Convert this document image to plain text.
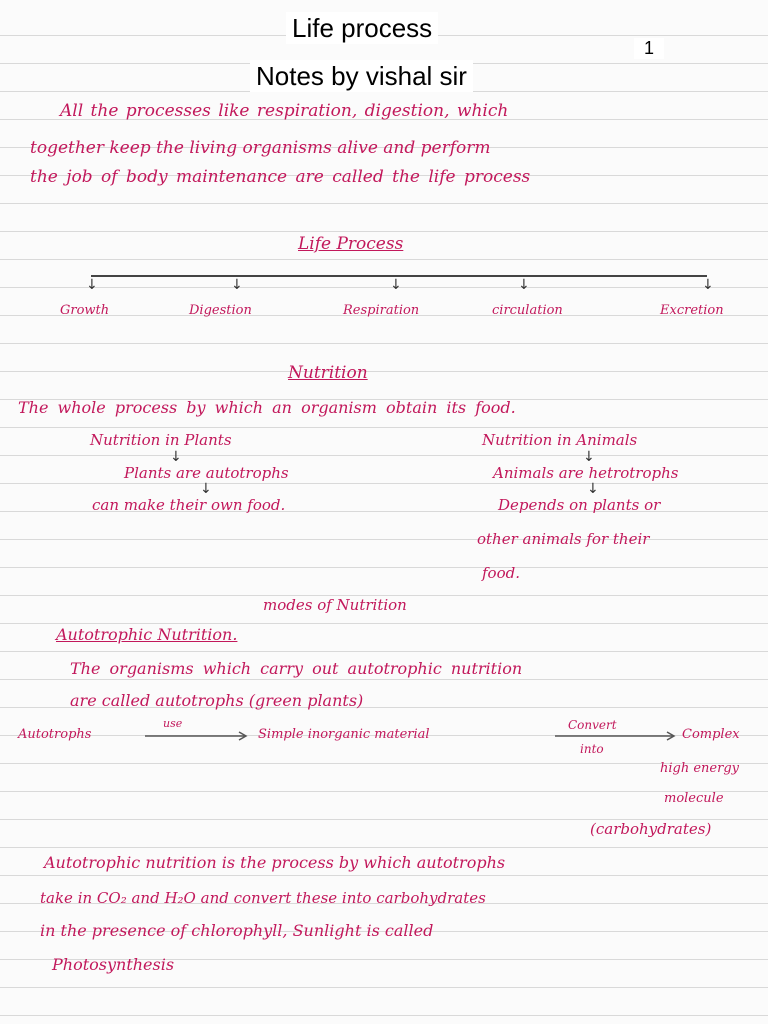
Life process
1
Notes by vishal sir
All the processes like respiration, digestion, which
together keep the living organisms alive and perform
the job of body maintenance are called the life process
Life Process
↓	↓	↓	↓	↓
Growth	Digestion	Respiration	circulation	Excretion
Nutrition
The whole process by which an organism obtain its food.
Nutrition in Plants
↓
Plants are autotrophs
↓
can make their own food.
Nutrition in Animals
↓
Animals are hetrotrophs
↓
Depends on plants or
other animals for their
food.
modes of Nutrition
Autotrophic Nutrition.
The organisms which carry out autotrophic nutrition
are called autotrophs (green plants)
Autotrophs
use
Simple inorganic material
Convert
into
Complex
high energy
molecule
(carbohydrates)
Autotrophic nutrition is the process by which autotrophs
take in CO₂ and H₂O and convert these into carbohydrates
in the presence of chlorophyll, Sunlight is called
Photosynthesis
